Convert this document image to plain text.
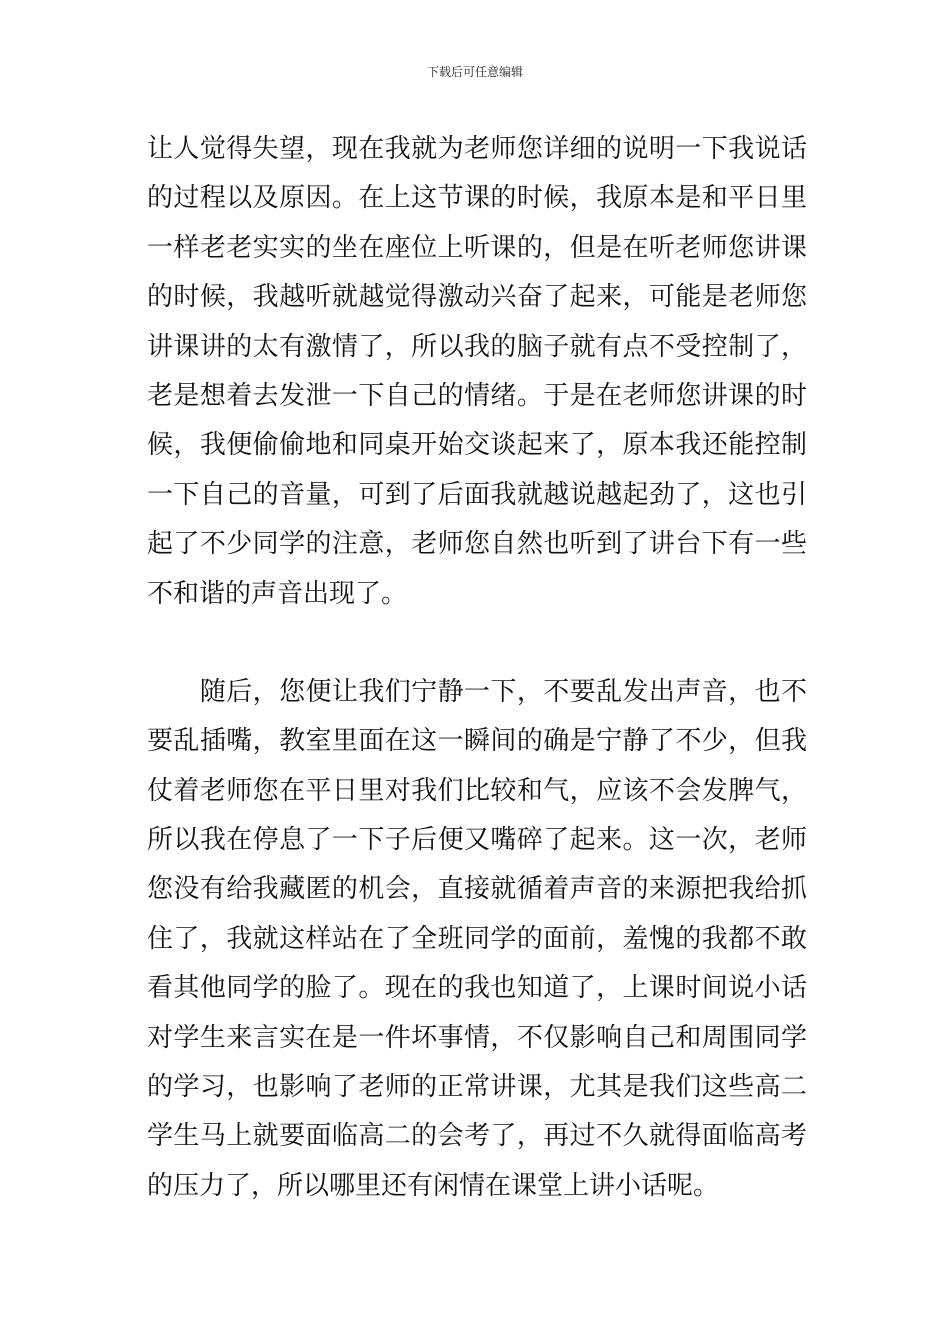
下载后可任意编辑
让人觉得失望，现在我就为老师您详细的说明一下我说话
的过程以及原因。在上这节课的时候，我原本是和平日里
一样老老实实的坐在座位上听课的，但是在听老师您讲课
的时候，我越听就越觉得激动兴奋了起来，可能是老师您
讲课讲的太有激情了，所以我的脑子就有点不受控制了，
老是想着去发泄一下自己的情绪。于是在老师您讲课的时
候，我便偷偷地和同桌开始交谈起来了，原本我还能控制
一下自己的音量，可到了后面我就越说越起劲了，这也引
起了不少同学的注意，老师您自然也听到了讲台下有一些
不和谐的声音出现了。
　　随后，您便让我们宁静一下，不要乱发出声音，也不
要乱插嘴，教室里面在这一瞬间的确是宁静了不少，但我
仗着老师您在平日里对我们比较和气，应该不会发脾气，
所以我在停息了一下子后便又嘴碎了起来。这一次，老师
您没有给我藏匿的机会，直接就循着声音的来源把我给抓
住了，我就这样站在了全班同学的面前，羞愧的我都不敢
看其他同学的脸了。现在的我也知道了，上课时间说小话
对学生来言实在是一件坏事情，不仅影响自己和周围同学
的学习，也影响了老师的正常讲课，尤其是我们这些高二
学生马上就要面临高二的会考了，再过不久就得面临高考
的压力了，所以哪里还有闲情在课堂上讲小话呢。
